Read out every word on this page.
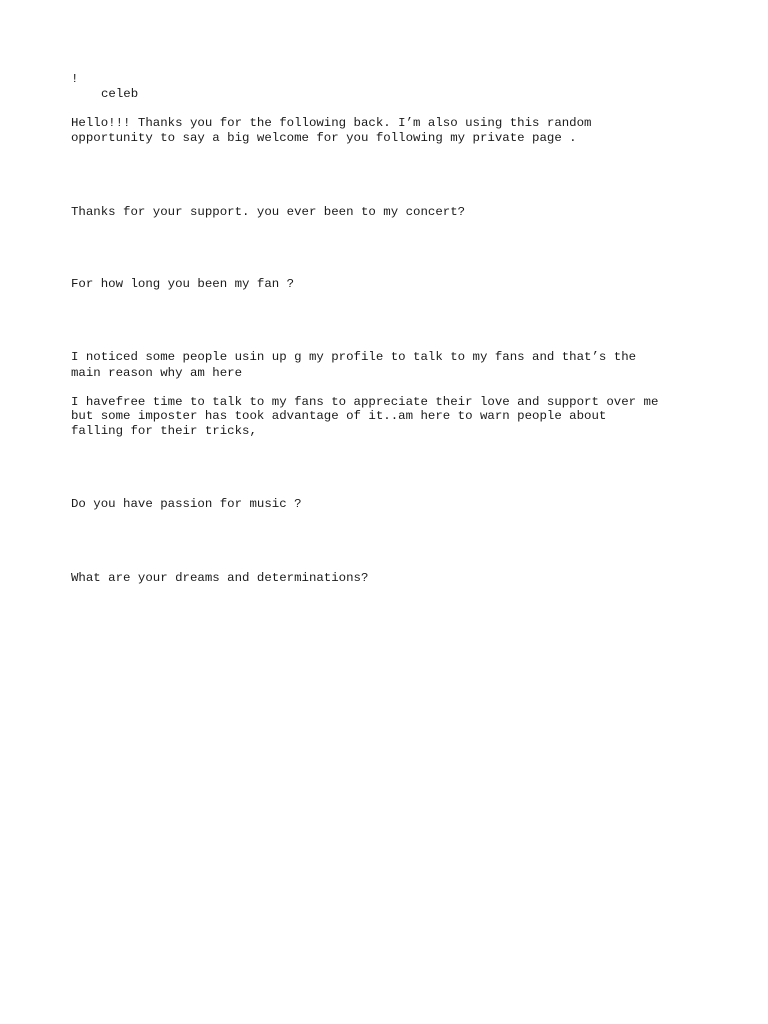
!

celeb

Hello!!! Thanks you for the following back. I’m also using this random

opportunity to say a big welcome for you following my private page .

Thanks for your support. you ever been to my concert?

For how long you been my fan ?

I noticed some people usin up g my profile to talk to my fans and that’s the

main reason why am here

I havefree time to talk to my fans to appreciate their love and support over me

but some imposter has took advantage of it..am here to warn people about

falling for their tricks,

Do you have passion for music ?

What are your dreams and determinations?
